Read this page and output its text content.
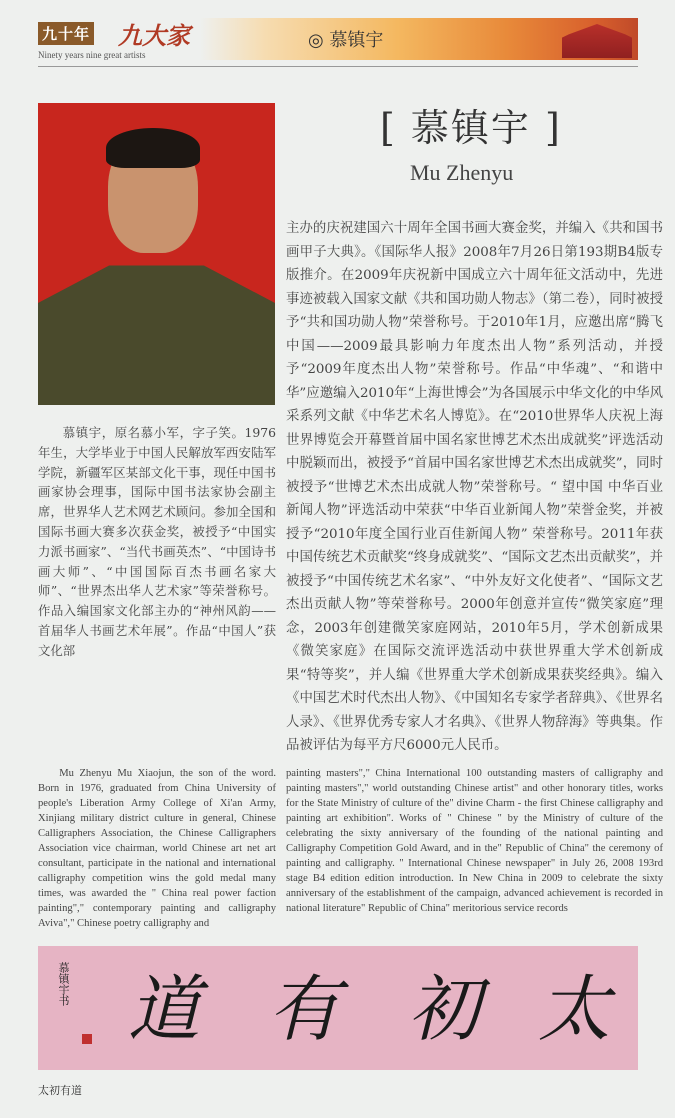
九十年 九大家
Ninety years nine great artists
◎ 慕镇宇
慕镇宇，原名慕小军，字子笑。1976年生，大学毕业于中国人民解放军西安陆军学院，新疆军区某部文化干事，现任中国书画家协会理事，国际中国书法家协会副主席，世界华人艺术网艺术顾问。参加全国和国际书画大赛多次获金奖，被授予“中国实力派书画家”、“当代书画英杰”、“中国诗书画大师”、“中国国际百杰书画名家大师”、“世界杰出华人艺术家”等荣誉称号。作品入编国家文化部主办的“神州风韵——首届华人书画艺术年展”。作品“中国人”获文化部
[ 慕镇宇 ]
Mu Zhenyu
主办的庆祝建国六十周年全国书画大赛金奖，并编入《共和国书画甲子大典》。《国际华人报》2008年7月26日第193期B4版专版推介。在2009年庆祝新中国成立六十周年征文活动中，先进事迹被载入国家文献《共和国功勋人物志》（第二卷），同时被授予“共和国功勋人物”荣誉称号。于2010年1月，应邀出席“腾飞中国——2009最具影响力年度杰出人物”系列活动，并授予“2009年度杰出人物”荣誉称号。作品“中华魂”、“和谐中华”应邀编入2010年“上海世博会”为各国展示中华文化的中华风采系列文献《中华艺术名人博览》。在“2010世界华人庆祝上海世界博览会开幕暨首届中国名家世博艺术杰出成就奖”评选活动中脱颖而出，被授予“首届中国名家世博艺术杰出成就奖”，同时被授予“世博艺术杰出成就人物”荣誉称号。“ 望中国 中华百业新闻人物”评选活动中荣获“中华百业新闻人物”荣誉金奖，并被授予“2010年度全国行业百佳新闻人物” 荣誉称号。2011年获中国传统艺术贡献奖“终身成就奖”、“国际文艺杰出贡献奖”，并被授予“中国传统艺术名家”、“中外友好文化使者”、“国际文艺杰出贡献人物”等荣誉称号。2000年创意并宣传“微笑家庭”理念，2003年创建微笑家庭网站，2010年5月，学术创新成果《微笑家庭》在国际交流评选活动中获世界重大学术创新成果“特等奖”，并人编《世界重大学术创新成果获奖经典》。编入《中国艺术时代杰出人物》、《中国知名专家学者辞典》、《世界名人录》、《世界优秀专家人才名典》、《世界人物辞海》等典集。作品被评估为每平方尺6000元人民币。
Mu Zhenyu Mu Xiaojun, the son of the word. Born in 1976, graduated from China University of people's Liberation Army College of Xi'an Army, Xinjiang military district culture in general, Chinese Calligraphers Association, the Chinese Calligraphers Association vice chairman, world Chinese art net art consultant, participate in the national and international calligraphy competition wins the gold medal many times, was awarded the " China real power faction painting"," contemporary painting and calligraphy Aviva"," Chinese poetry calligraphy and
painting masters"," China International 100 outstanding masters of calligraphy and painting masters"," world outstanding Chinese artist" and other honorary titles, works for the State Ministry of culture of the" divine Charm - the first Chinese calligraphy and painting art exhibition". Works of " Chinese " by the Ministry of culture of the celebrating the sixty anniversary of the founding of the national painting and Calligraphy Competition Gold Award, and in the" Republic of China" the ceremony of painting and calligraphy. " International Chinese newspaper" in July 26, 2008 193rd stage B4 edition edition introduction. In New China in 2009 to celebrate the sixty anniversary of the establishment of the campaign, advanced achievement is recorded in national literature" Republic of China" meritorious service records
慕镇宇书 道 有 初 太
太初有道
